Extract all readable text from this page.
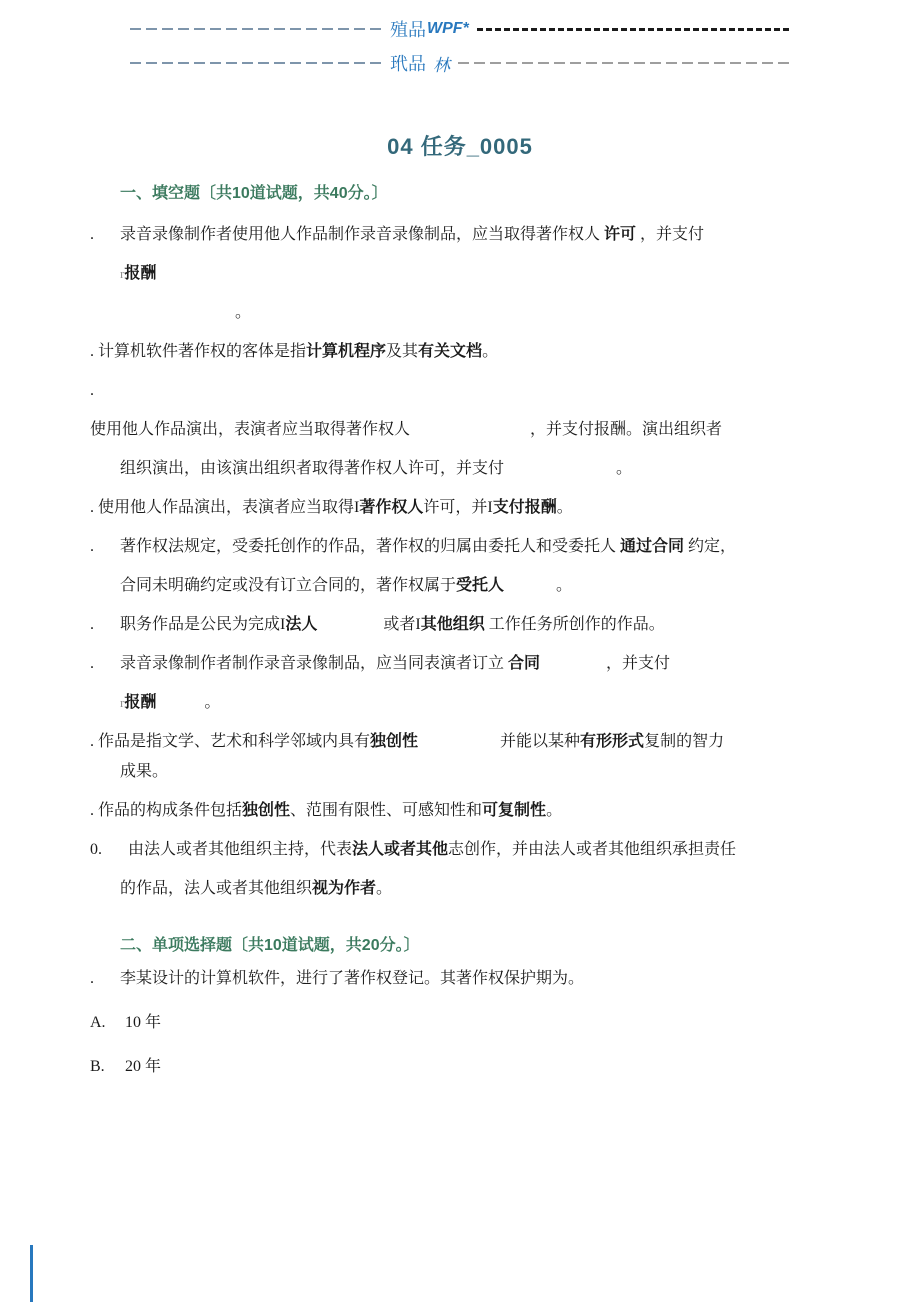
殖品 WPF*
玳品 林
04 任务_0005
一、填空题〔共10道试题，共40分。〕
. 录音录像制作者使用他人作品制作录音录像制品，应当取得著作权人 许可 ，并支付
r报酬
。
. 计算机软件著作权的客体是指计算机程序及其有关文档。
.
使用他人作品演出，表演者应当取得著作权人	，并支付报酬。演出组织者
组织演出，由该演出组织者取得著作权人许可，并支付	。
. 使用他人作品演出，表演者应当取得I著作权人许可，并I支付报酬。
. 著作权法规定，受委托创作的作品，著作权的归属由委托人和受委托人 通过合同 约定，
合同未明确约定或没有订立合同的，著作权属于受托人	。
. 职务作品是公民为完成I法人	或者I其他组织 工作任务所创作的作品。
. 录音录像制作者制作录音录像制品，应当同表演者订立 合同	，并支付
r报酬	。
. 作品是指文学、艺术和科学邻域内具有独创性	并能以某种有形形式复制的智力
成果。
. 作品的构成条件包括独创性、范围有限性、可感知性和可复制性。
0. 由法人或者其他组织主持，代表法人或者其他志创作，并由法人或者其他组织承担责任
的作品，法人或者其他组织视为作者。
二、单项选择题〔共10道试题，共20分。〕
. 李某设计的计算机软件，进行了著作权登记。其著作权保护期为。
A. 10 年
B. 20 年
